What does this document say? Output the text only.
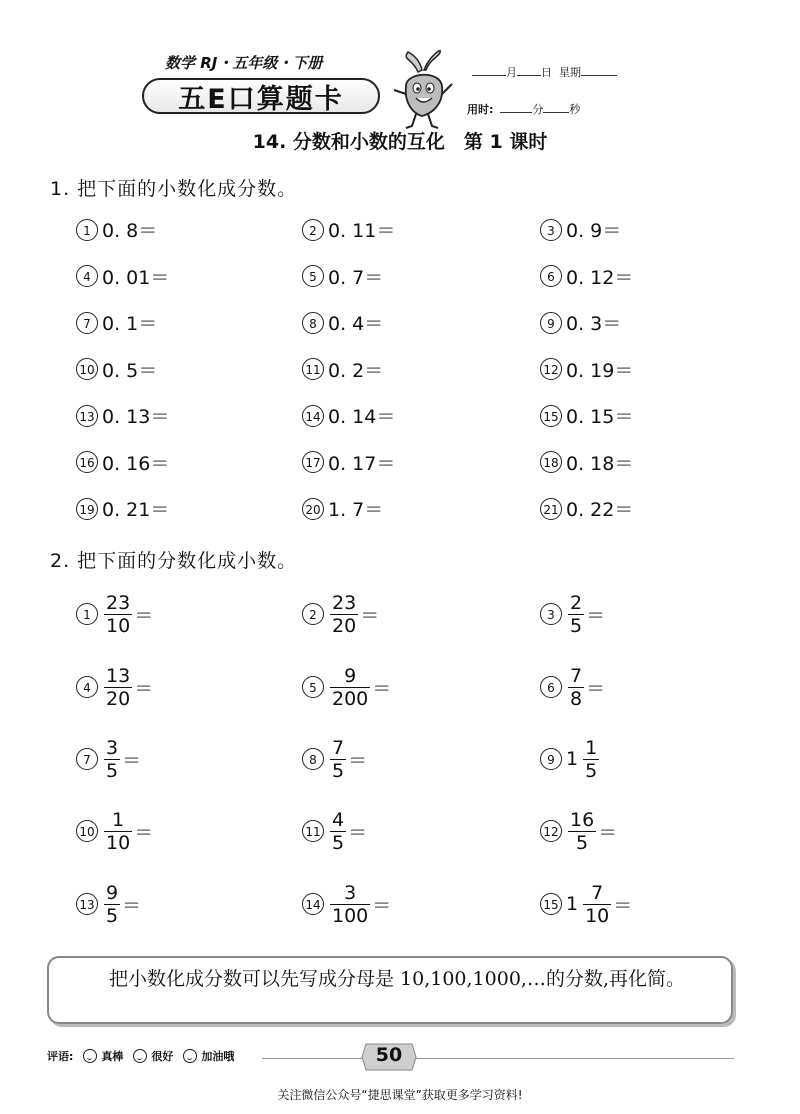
数学 RJ・五年级・下册
五E口算题卡
月 日 星期
用时:	分 秒
14. 分数和小数的互化　第 1 课时
1. 把下面的小数化成分数。
1 0. 8＝	2 0. 11＝	3 0. 9＝
4 0. 01＝	5 0. 7＝	6 0. 12＝
7 0. 1＝	8 0. 4＝	9 0. 3＝
10 0. 5＝	11 0. 2＝	12 0. 19＝
13 0. 13＝	14 0. 14＝	15 0. 15＝
16 0. 16＝	17 0. 17＝	18 0. 18＝
19 0. 21＝	20 1. 7＝	21 0. 22＝
2. 把下面的分数化成小数。
$1 \frac{23}{10}$ ＝	$2 \frac{23}{20}$ ＝	$3 \frac{2}{5}$ ＝
$4 \frac{13}{20}$ ＝	$5 \frac{9}{200}$ ＝	$6 \frac{7}{8}$ ＝
$7 \frac{3}{5}$ ＝	$8 \frac{7}{5}$ ＝	9 $1 \frac{1}{5}$
$10 \frac{1}{10}$ ＝	$11 \frac{4}{5}$ ＝	$12 \frac{16}{5}$ ＝
$13 \frac{9}{5}$ ＝	$14 \frac{3}{100}$ ＝	15 $1 \frac{7}{10}$ ＝
把小数化成分数可以先写成分母是 10,100,1000,…的分数,再化简。
评语:	真棒	很好	加油哦	50
关注微信公众号“捷思课堂”获取更多学习资料!
